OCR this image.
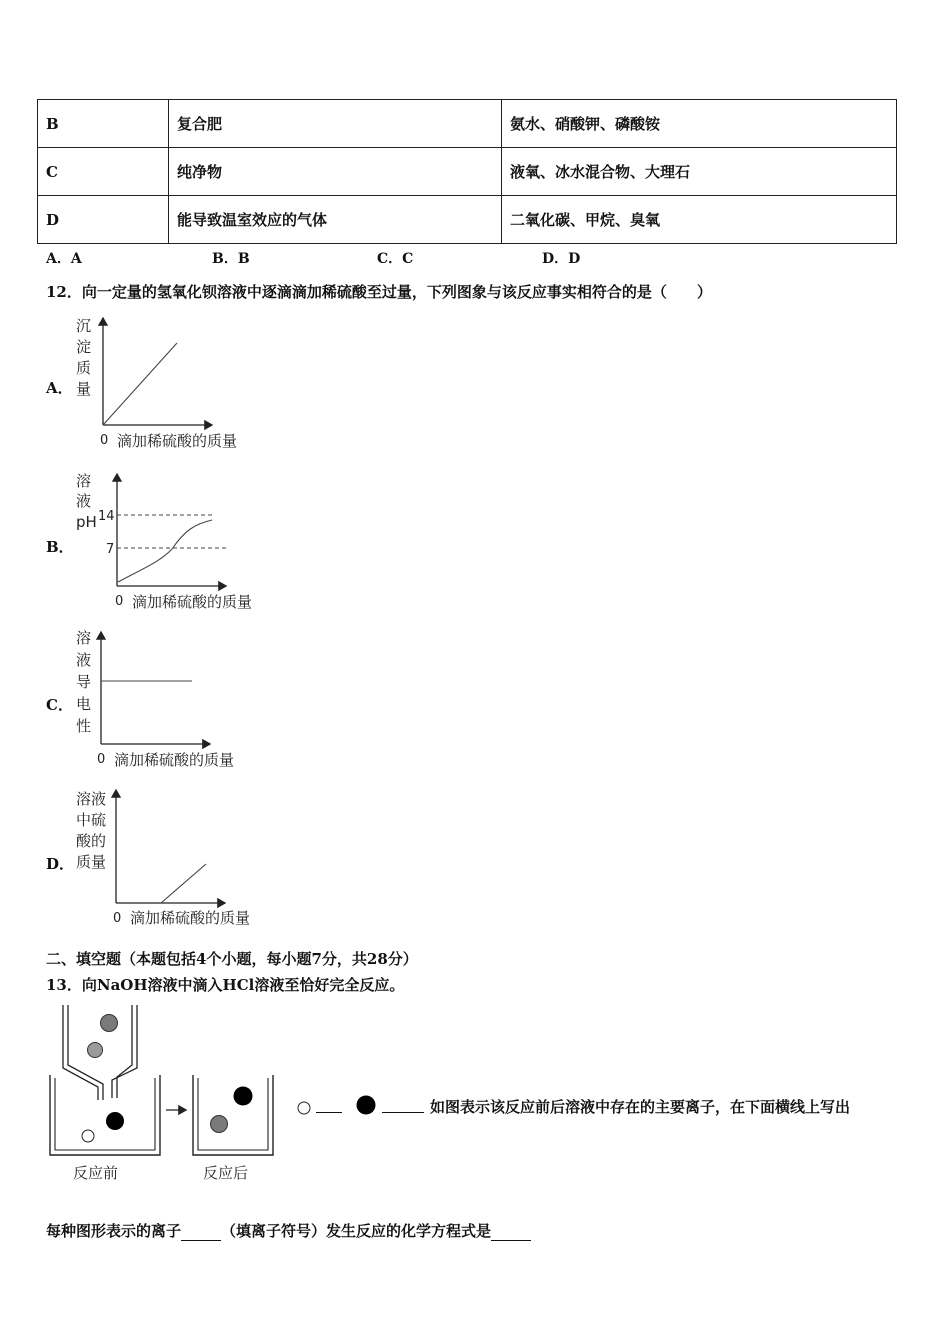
B	复合肥	氨水、硝酸钾、磷酸铵
C	纯净物	液氧、冰水混合物、大理石
D	能导致温室效应的气体	二氧化碳、甲烷、臭氧
A．A	B．B	C．C	D．D
12．向一定量的氢氧化钡溶液中逐滴滴加稀硫酸至过量，下列图象与该反应事实相符合的是（　　）
A．
B．
C．
D．
二、填空题（本题包括4个小题，每小题7分，共28分）
13．向NaOH溶液中滴入HCl溶液至恰好完全反应。
如图表示该反应前后溶液中存在的主要离子，在下面横线上写出
每种图形表示的离子	（填离子符号）发生反应的化学方程式是
沉
淀
质
量
0 滴加稀硫酸的质量
溶
液
pH 14
7
0 滴加稀硫酸的质量
溶
液
导
电
性
0 滴加稀硫酸的质量
溶液
中硫
酸的
质量
0 滴加稀硫酸的质量
反应前	反应后
